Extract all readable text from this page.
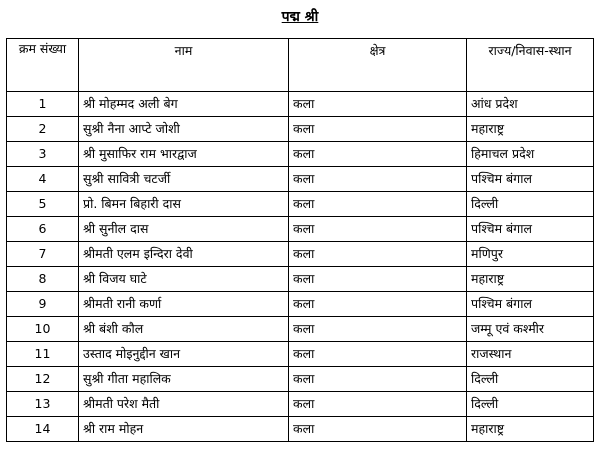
पद्म श्री
क्रम संख्या	नाम	क्षेत्र	राज्य/निवास-स्थान
1	श्री मोहम्मद अली बेग	कला	आंध प्रदेश
2	सुश्री नैना आप्टे जोशी	कला	महाराष्ट्र
3	श्री मुसाफिर राम भारद्वाज	कला	हिमाचल प्रदेश
4	सुश्री सावित्री चटर्जी	कला	पश्चिम बंगाल
5	प्रो. बिमन बिहारी दास	कला	दिल्ली
6	श्री सुनील दास	कला	पश्चिम बंगाल
7	श्रीमती एलम इन्दिरा देवी	कला	मणिपुर
8	श्री विजय घाटे	कला	महाराष्ट्र
9	श्रीमती रानी कर्णा	कला	पश्चिम बंगाल
10	श्री बंशी कौल	कला	जम्मू एवं कश्मीर
11	उस्ताद मोइनुद्दीन खान	कला	राजस्थान
12	सुश्री गीता महालिक	कला	दिल्ली
13	श्रीमती परेश मैती	कला	दिल्ली
14	श्री राम मोहन	कला	महाराष्ट्र
